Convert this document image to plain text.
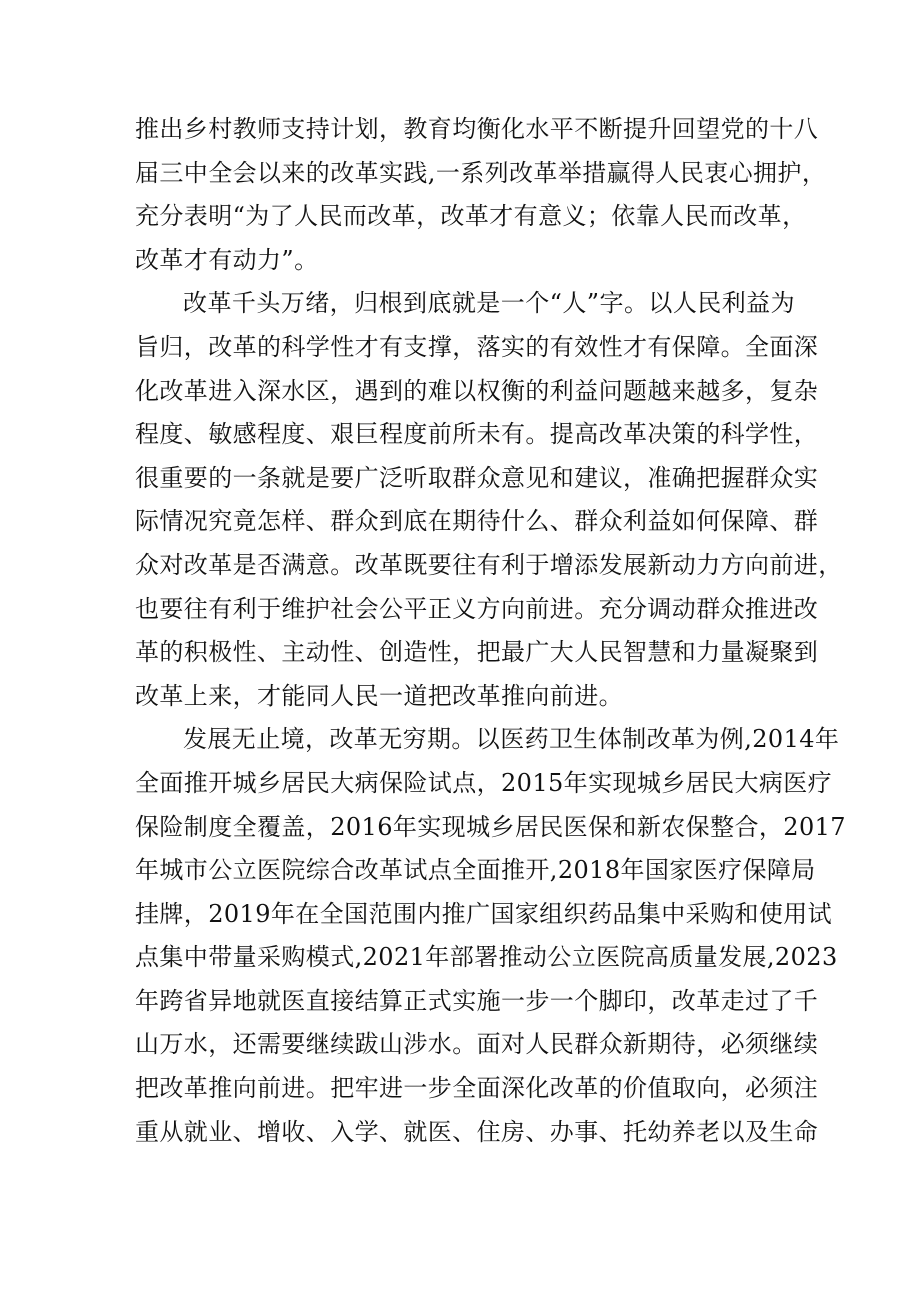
推出乡村教师支持计划，教育均衡化水平不断提升回望党的十八
届三中全会以来的改革实践,一系列改革举措赢得人民衷心拥护，
充分表明“为了人民而改革，改革才有意义；依靠人民而改革，
改革才有动力”。
改革千头万绪，归根到底就是一个“人”字。以人民利益为
旨归，改革的科学性才有支撑，落实的有效性才有保障。全面深
化改革进入深水区，遇到的难以权衡的利益问题越来越多，复杂
程度、敏感程度、艰巨程度前所未有。提高改革决策的科学性，
很重要的一条就是要广泛听取群众意见和建议，准确把握群众实
际情况究竟怎样、群众到底在期待什么、群众利益如何保障、群
众对改革是否满意。改革既要往有利于增添发展新动力方向前进，
也要往有利于维护社会公平正义方向前进。充分调动群众推进改
革的积极性、主动性、创造性，把最广大人民智慧和力量凝聚到
改革上来，才能同人民一道把改革推向前进。
发展无止境，改革无穷期。以医药卫生体制改革为例,2014年
全面推开城乡居民大病保险试点，2015年实现城乡居民大病医疗
保险制度全覆盖，2016年实现城乡居民医保和新农保整合，2017
年城市公立医院综合改革试点全面推开,2018年国家医疗保障局
挂牌，2019年在全国范围内推广国家组织药品集中采购和使用试
点集中带量采购模式,2021年部署推动公立医院高质量发展,2023
年跨省异地就医直接结算正式实施一步一个脚印，改革走过了千
山万水，还需要继续跋山涉水。面对人民群众新期待，必须继续
把改革推向前进。把牢进一步全面深化改革的价值取向，必须注
重从就业、增收、入学、就医、住房、办事、托幼养老以及生命
